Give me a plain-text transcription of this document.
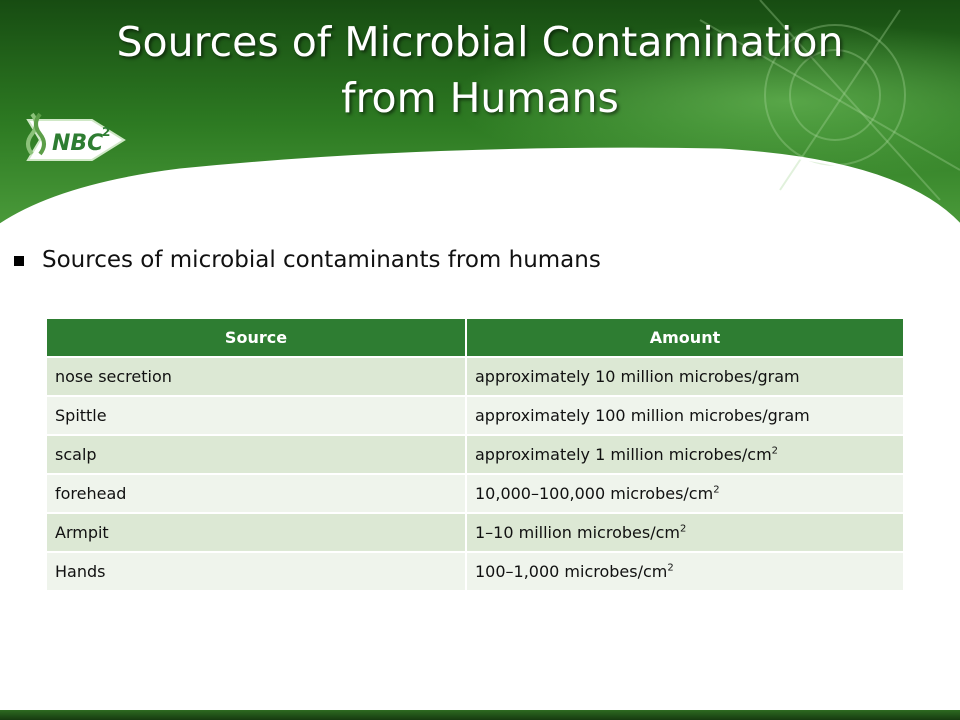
Sources of Microbial Contamination
from Humans
NBC
2
Sources of microbial contaminants from humans
Source	Amount
nose secretion	approximately 10 million microbes/gram
Spittle	approximately 100 million microbes/gram
scalp	approximately 1 million microbes/$cm^2$
forehead	10,000–100,000 microbes/$cm^2$
Armpit	1–10 million microbes/$cm^2$
Hands	100–1,000 microbes/$cm^2$
